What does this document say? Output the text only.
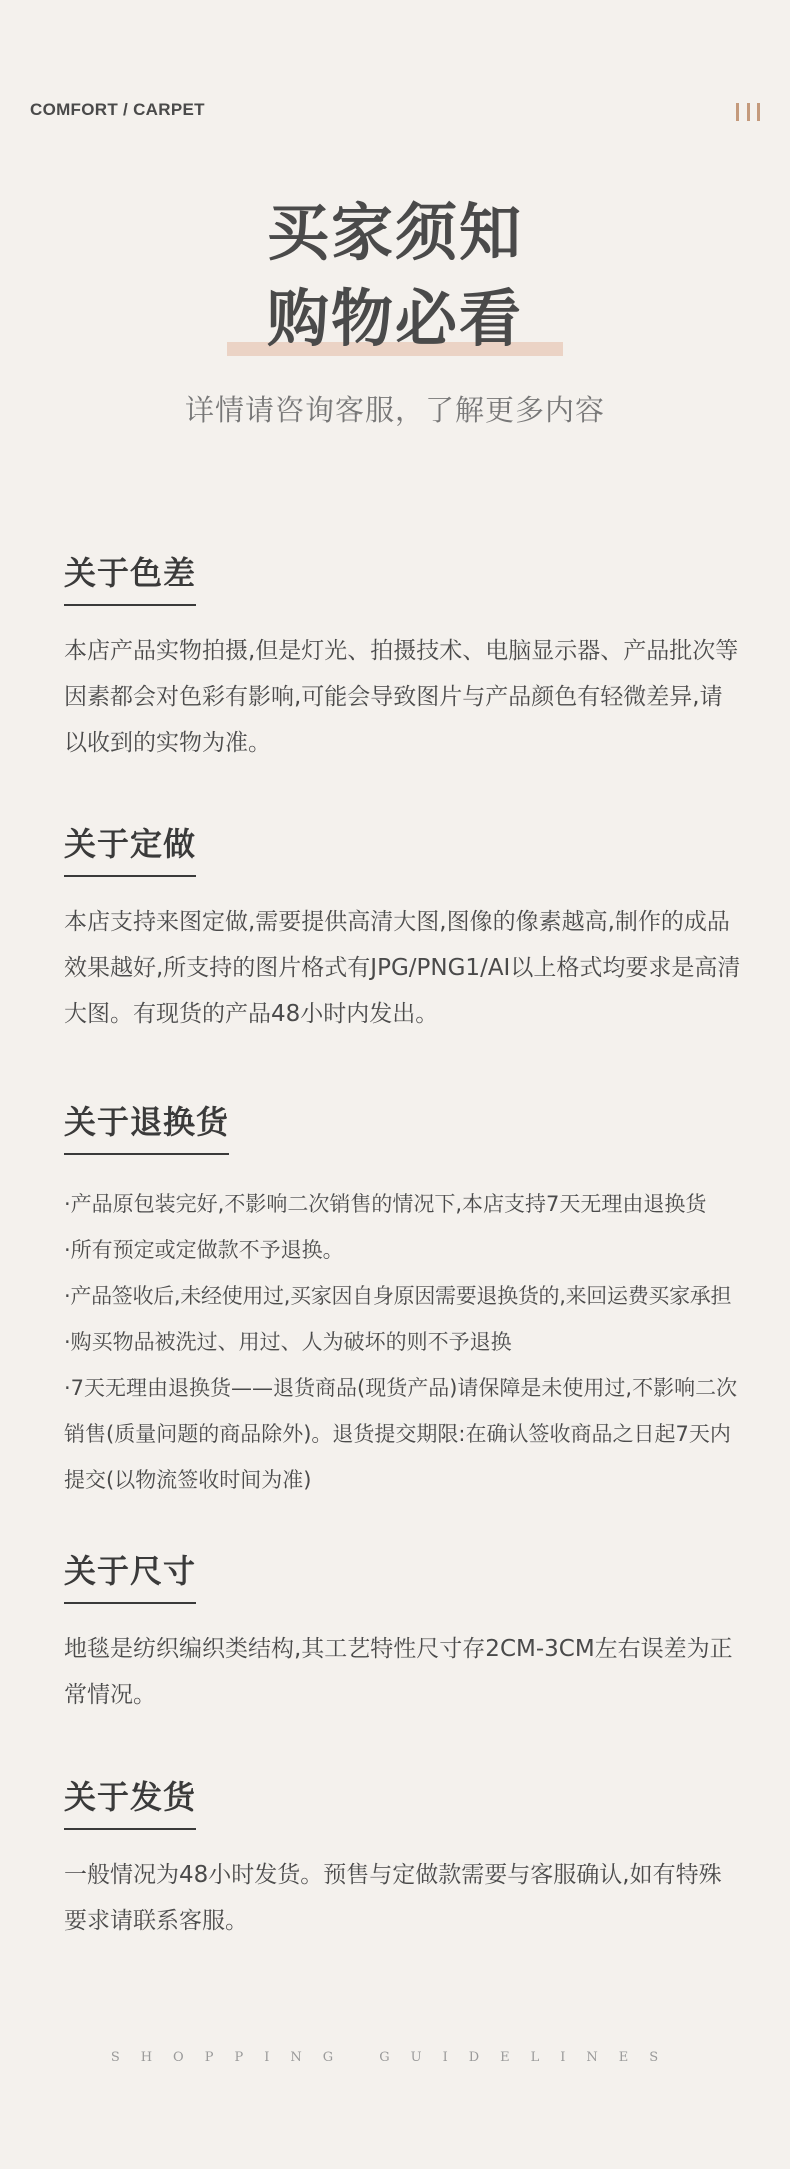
COMFORT / CARPET
买家须知
购物必看
详情请咨询客服，了解更多内容
关于色差
本店产品实物拍摄,但是灯光、拍摄技术、电脑显示器、产品批次等因素都会对色彩有影响,可能会导致图片与产品颜色有轻微差异,请以收到的实物为准。
关于定做
本店支持来图定做,需要提供高清大图,图像的像素越高,制作的成品效果越好,所支持的图片格式有JPG/PNG1/AI以上格式均要求是高清大图。有现货的产品48小时内发出。
关于退换货
·产品原包装完好,不影响二次销售的情况下,本店支持7天无理由退换货
·所有预定或定做款不予退换。
·产品签收后,未经使用过,买家因自身原因需要退换货的,来回运费买家承担
·购买物品被洗过、用过、人为破坏的则不予退换
·7天无理由退换货——退货商品(现货产品)请保障是未使用过,不影响二次销售(质量问题的商品除外)。退货提交期限:在确认签收商品之日起7天内提交(以物流签收时间为准)
关于尺寸
地毯是纺织编织类结构,其工艺特性尺寸存2CM-3CM左右误差为正常情况。
关于发货
一般情况为48小时发货。预售与定做款需要与客服确认,如有特殊要求请联系客服。
SHOPPING GUIDELINES
